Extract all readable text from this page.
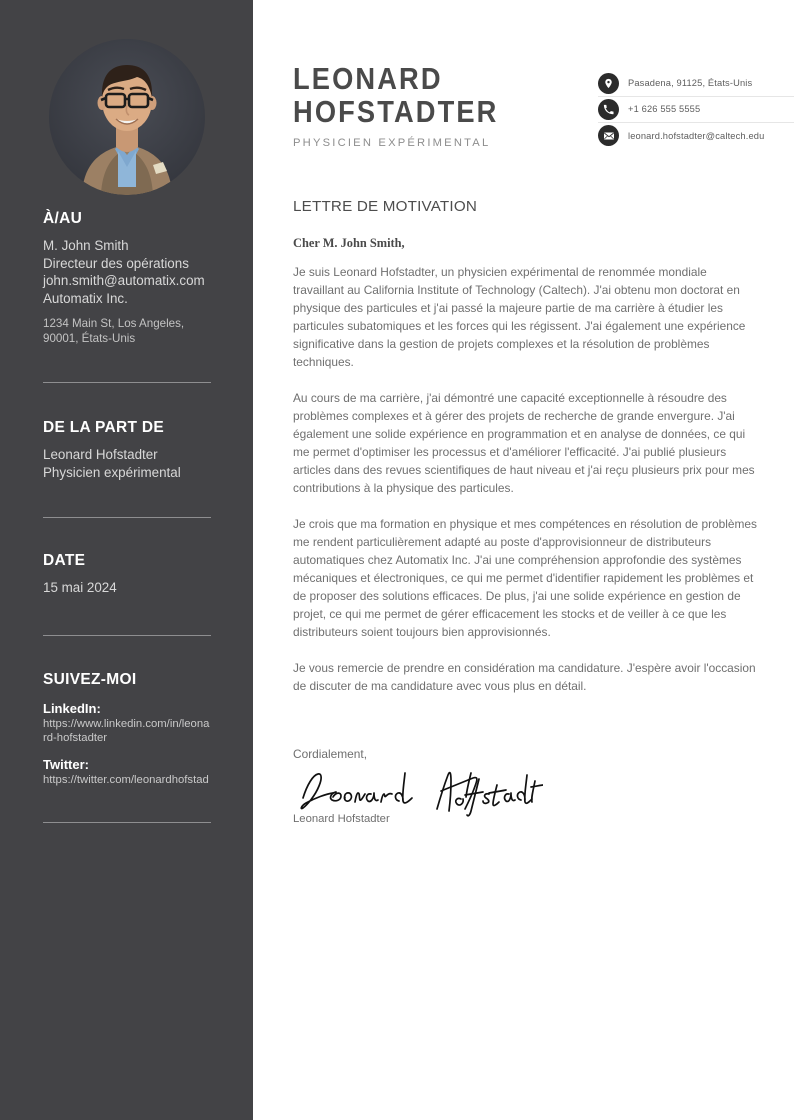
À/AU
M. John Smith
Directeur des opérations
john.smith@automatix.com
Automatix Inc.
1234 Main St, Los Angeles, 90001, États-Unis
DE LA PART DE
Leonard Hofstadter
Physicien expérimental
DATE
15 mai 2024
SUIVEZ-MOI
LinkedIn:
https://www.linkedin.com/in/leonard-hofstadter
Twitter:
https://twitter.com/leonardhofstad
LEONARD
HOFSTADTER
PHYSICIEN EXPÉRIMENTAL
Pasadena, 91125, États-Unis
+1 626 555 5555
leonard.hofstadter@caltech.edu
LETTRE DE MOTIVATION
Cher M. John Smith,

Je suis Leonard Hofstadter, un physicien expérimental de renommée mondiale travaillant au California Institute of Technology (Caltech). J'ai obtenu mon doctorat en physique des particules et j'ai passé la majeure partie de ma carrière à étudier les particules subatomiques et les forces qui les régissent. J'ai également une expérience significative dans la gestion de projets complexes et la résolution de problèmes techniques.

Au cours de ma carrière, j'ai démontré une capacité exceptionnelle à résoudre des problèmes complexes et à gérer des projets de recherche de grande envergure. J'ai également une solide expérience en programmation et en analyse de données, ce qui me permet d'optimiser les processus et d'améliorer l'efficacité. J'ai publié plusieurs articles dans des revues scientifiques de haut niveau et j'ai reçu plusieurs prix pour mes contributions à la physique des particules.

Je crois que ma formation en physique et mes compétences en résolution de problèmes me rendent particulièrement adapté au poste d'approvisionneur de distributeurs automatiques chez Automatix Inc. J'ai une compréhension approfondie des systèmes mécaniques et électroniques, ce qui me permet d'identifier rapidement les problèmes et de proposer des solutions efficaces. De plus, j'ai une solide expérience en gestion de projet, ce qui me permet de gérer efficacement les stocks et de veiller à ce que les distributeurs soient toujours bien approvisionnés.

Je vous remercie de prendre en considération ma candidature. J'espère avoir l'occasion de discuter de ma candidature avec vous plus en détail.

Cordialement,
Leonard Hofstadter
